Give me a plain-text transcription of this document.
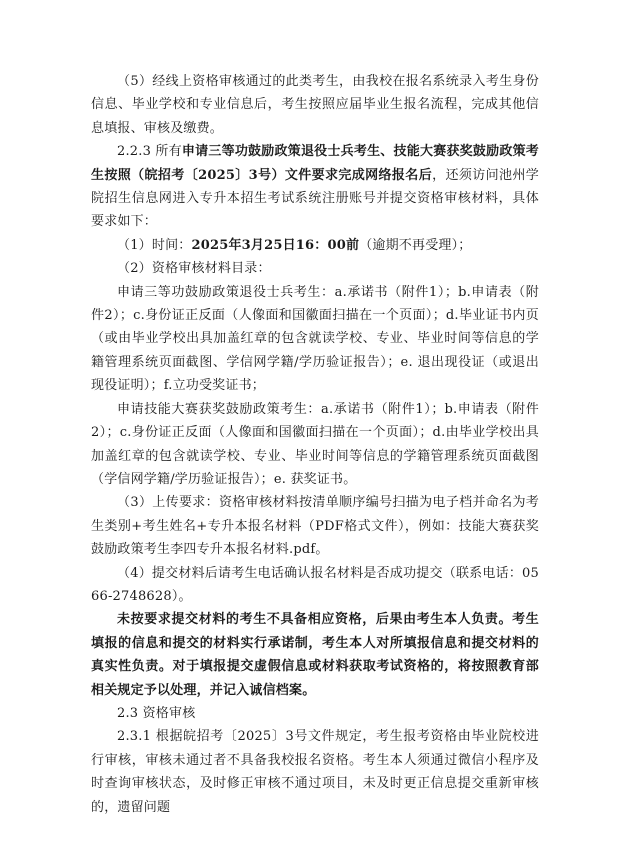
（5）经线上资格审核通过的此类考生，由我校在报名系统录入考生身份信息、毕业学校和专业信息后，考生按照应届毕业生报名流程，完成其他信息填报、审核及缴费。

2.2.3 所有申请三等功鼓励政策退役士兵考生、技能大赛获奖鼓励政策考生按照（皖招考〔2025〕3号）文件要求完成网络报名后，还须访问池州学院招生信息网进入专升本招生考试系统注册账号并提交资格审核材料，具体要求如下：

（1）时间：2025年3月25日16：00前（逾期不再受理）；

（2）资格审核材料目录：

申请三等功鼓励政策退役士兵考生：a.承诺书（附件1）；b.申请表（附件2）；c.身份证正反面（人像面和国徽面扫描在一个页面）；d.毕业证书内页（或由毕业学校出具加盖红章的包含就读学校、专业、毕业时间等信息的学籍管理系统页面截图、学信网学籍/学历验证报告）；e. 退出现役证（或退出现役证明）；f.立功受奖证书；

申请技能大赛获奖鼓励政策考生：a.承诺书（附件1）；b.申请表（附件2）；c.身份证正反面（人像面和国徽面扫描在一个页面）；d.由毕业学校出具加盖红章的包含就读学校、专业、毕业时间等信息的学籍管理系统页面截图（学信网学籍/学历验证报告）；e. 获奖证书。

（3）上传要求：资格审核材料按清单顺序编号扫描为电子档并命名为考生类别+考生姓名+专升本报名材料（PDF格式文件），例如：技能大赛获奖鼓励政策考生李四专升本报名材料.pdf。

（4）提交材料后请考生电话确认报名材料是否成功提交（联系电话：0566-2748628）。

未按要求提交材料的考生不具备相应资格，后果由考生本人负责。考生填报的信息和提交的材料实行承诺制，考生本人对所填报信息和提交材料的真实性负责。对于填报提交虚假信息或材料获取考试资格的，将按照教育部相关规定予以处理，并记入诚信档案。

2.3 资格审核

2.3.1 根据皖招考〔2025〕3号文件规定，考生报考资格由毕业院校进行审核，审核未通过者不具备我校报名资格。考生本人须通过微信小程序及时查询审核状态，及时修正审核不通过项目，未及时更正信息提交重新审核的，遗留问题
